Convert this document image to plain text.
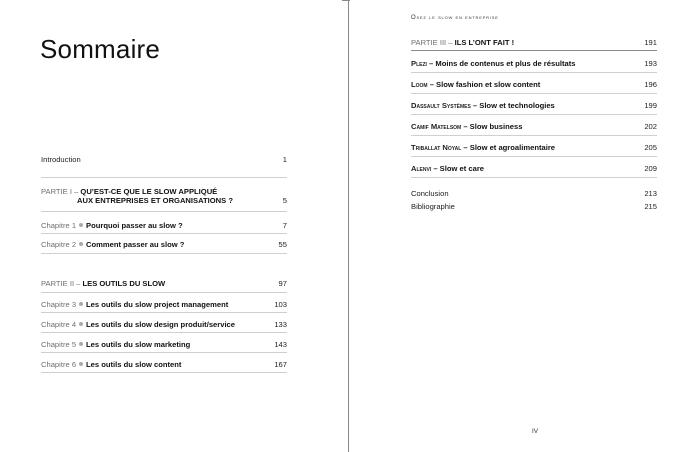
Sommaire
Introduction	1
PARTIE I –
QU’EST-CE QUE LE SLOW APPLIQUÉ
AUX ENTREPRISES ET ORGANISATIONS ?	5
Chapitre 1 Pourquoi passer au slow ?	7
Chapitre 2 Comment passer au slow ?	55
PARTIE II –
LES OUTILS DU SLOW	97
Chapitre 3 Les outils du slow project management	103
Chapitre 4 Les outils du slow design produit/service	133
Chapitre 5 Les outils du slow marketing	143
Chapitre 6 Les outils du slow content	167
Osez le slow en entreprise
PARTIE III –
ILS L’ONT FAIT !	191
Plezi
– Moins de contenus et plus de résultats	193
Loom
– Slow fashion et slow content	196
Dassault Systèmes
– Slow et technologies	199
Camif Matelsom
– Slow business	202
Triballat Noyal
– Slow et agroalimentaire	205
Alenvi
– Slow et care	209
Conclusion	213
Bibliographie	215
IV
